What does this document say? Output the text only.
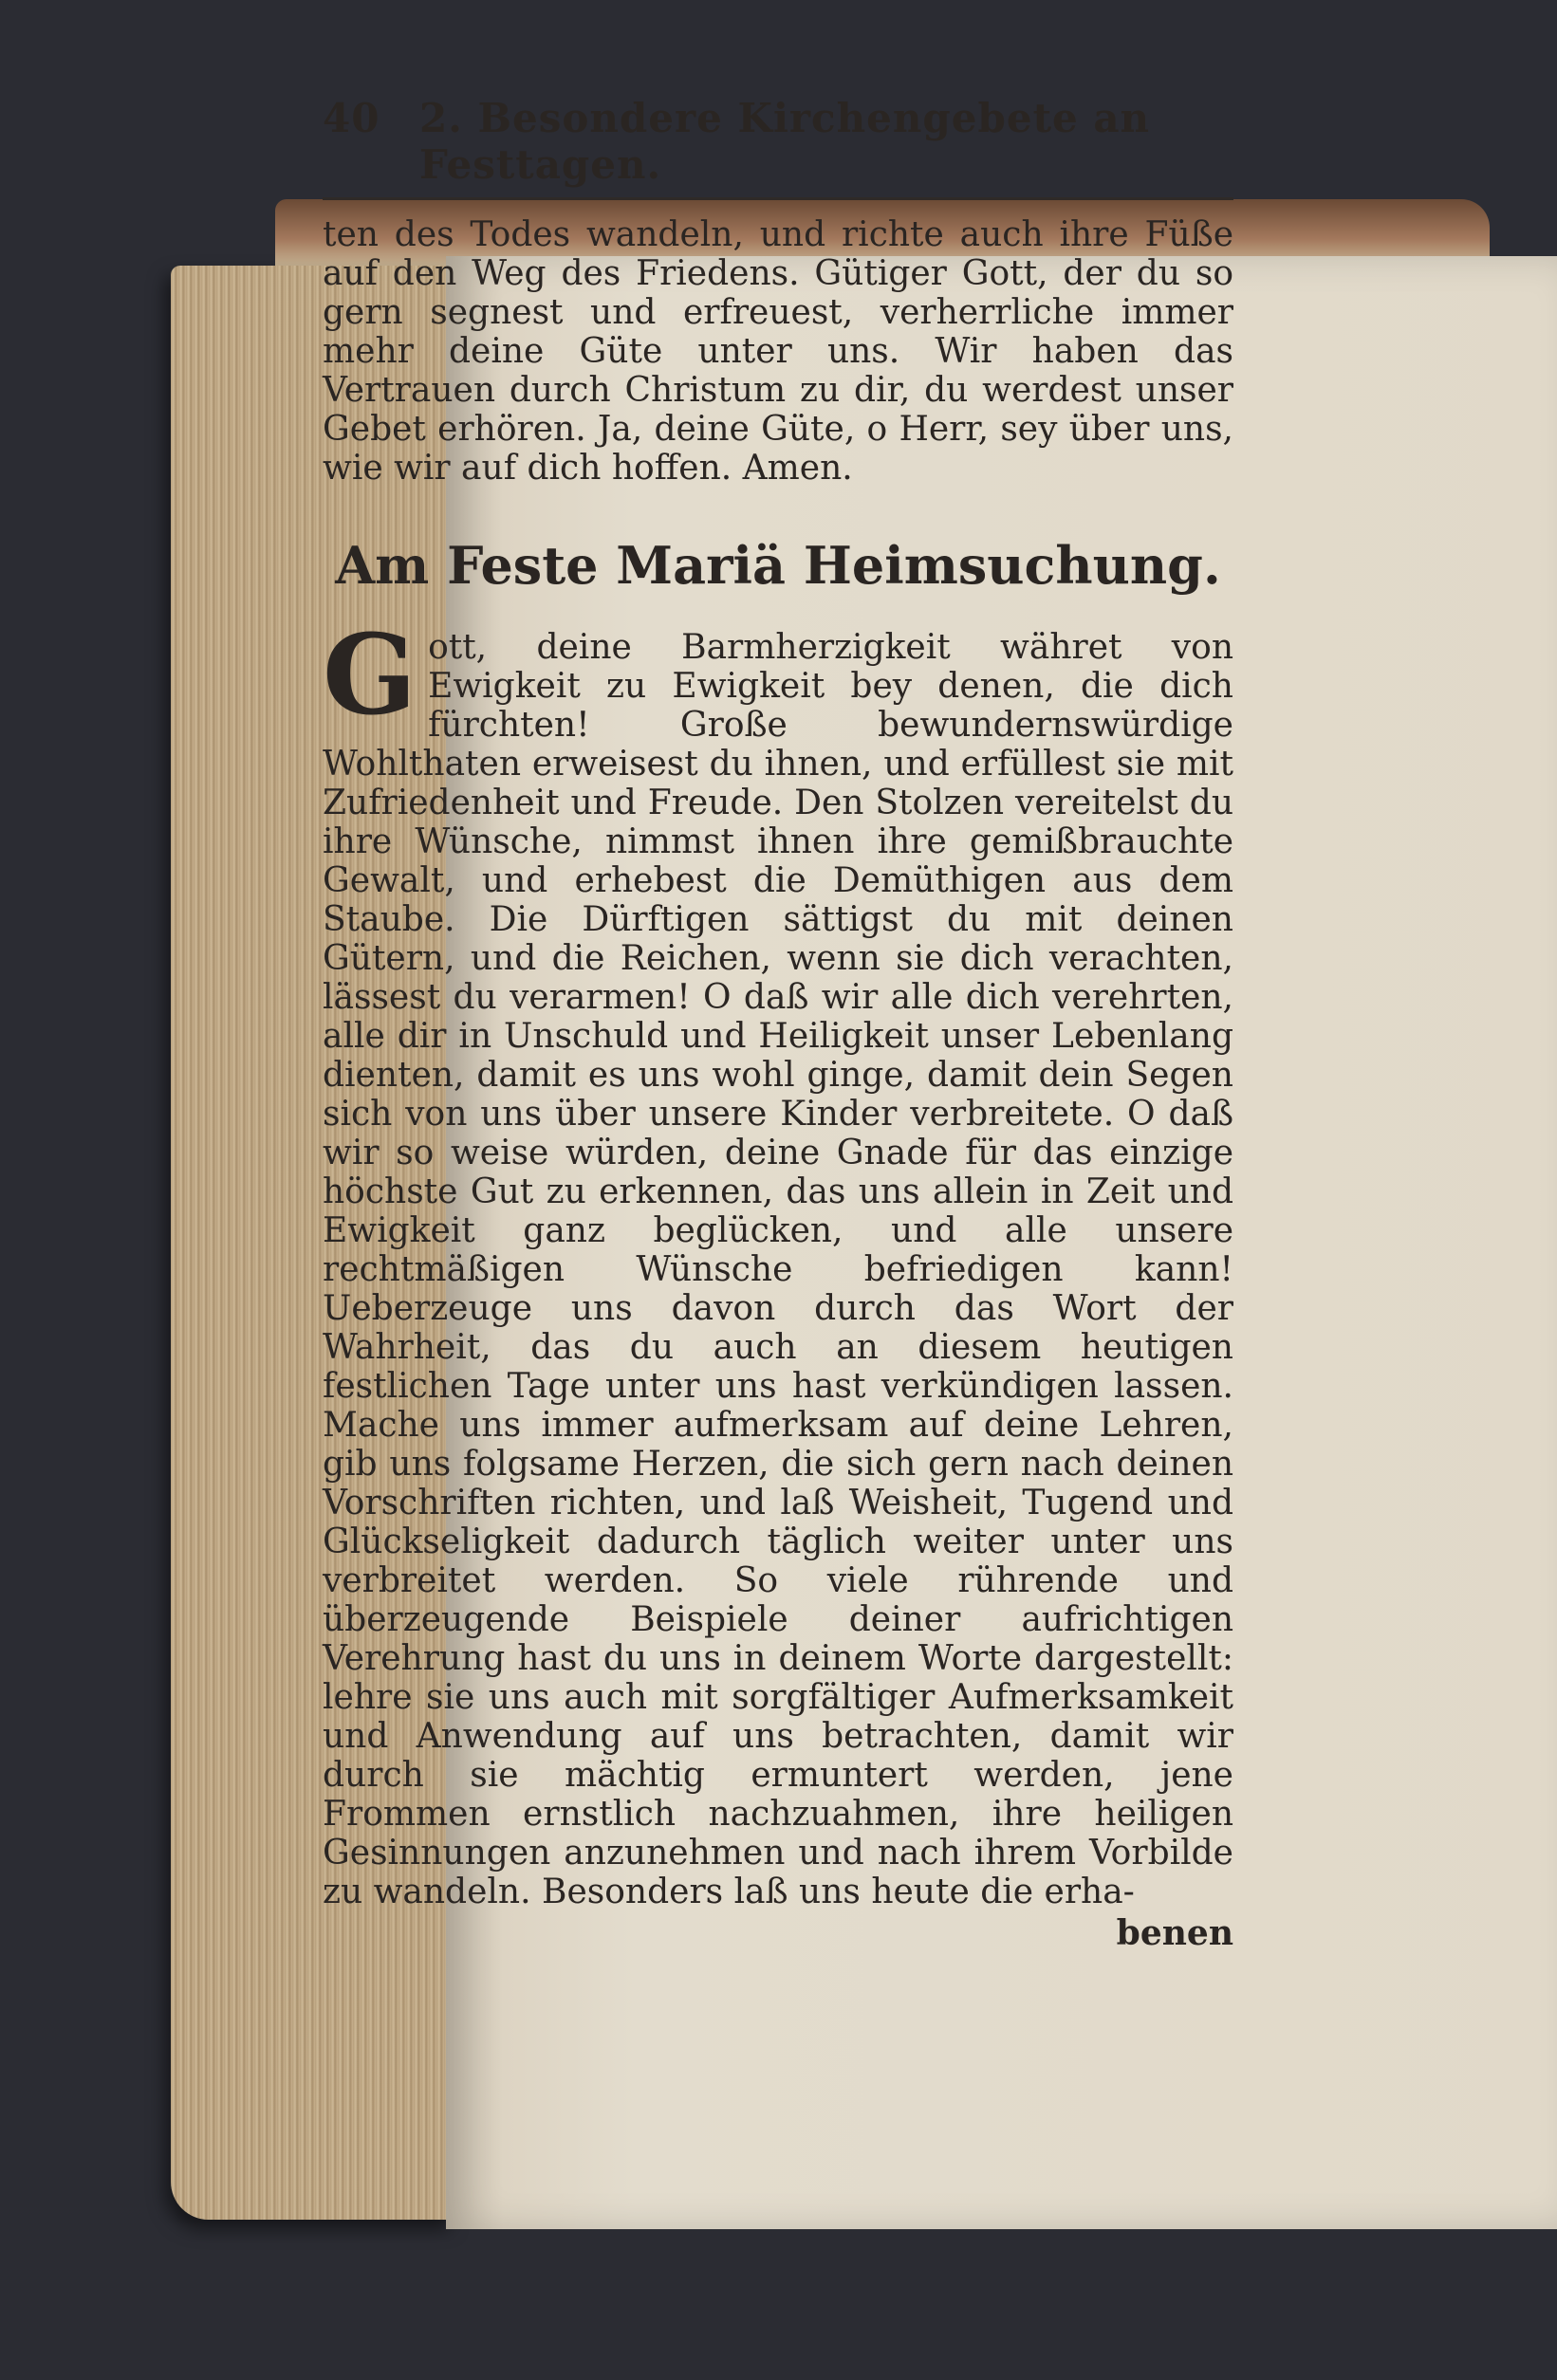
40 2. Besondere Kirchengebete an Festtagen.

ten des Todes wandeln, und richte auch ihre Füße auf den Weg des Friedens. Gütiger Gott, der du so gern segnest und erfreuest, verherrliche immer mehr deine Güte unter uns. Wir haben das Vertrauen durch Christum zu dir, du werdest unser Gebet erhören. Ja, deine Güte, o Herr, sey über uns, wie wir auf dich hoffen. Amen.

Am Feste Mariä Heimsuchung.

Gott, deine Barmherzigkeit währet von Ewigkeit zu Ewigkeit bey denen, die dich fürchten! Große bewundernswürdige Wohlthaten erweisest du ihnen, und erfüllest sie mit Zufriedenheit und Freude. Den Stolzen vereitelst du ihre Wünsche, nimmst ihnen ihre gemißbrauchte Gewalt, und erhebest die Demüthigen aus dem Staube. Die Dürftigen sättigst du mit deinen Gütern, und die Reichen, wenn sie dich verachten, lässest du verarmen! O daß wir alle dich verehrten, alle dir in Unschuld und Heiligkeit unser Lebenlang dienten, damit es uns wohl ginge, damit dein Segen sich von uns über unsere Kinder verbreitete. O daß wir so weise würden, deine Gnade für das einzige höchste Gut zu erkennen, das uns allein in Zeit und Ewigkeit ganz beglücken, und alle unsere rechtmäßigen Wünsche befriedigen kann! Ueberzeuge uns davon durch das Wort der Wahrheit, das du auch an diesem heutigen festlichen Tage unter uns hast verkündigen lassen. Mache uns immer aufmerksam auf deine Lehren, gib uns folgsame Herzen, die sich gern nach deinen Vorschriften richten, und laß Weisheit, Tugend und Glückseligkeit dadurch täglich weiter unter uns verbreitet werden. So viele rührende und überzeugende Beispiele deiner aufrichtigen Verehrung hast du uns in deinem Worte dargestellt: lehre sie uns auch mit sorgfältiger Aufmerksamkeit und Anwendung auf uns betrachten, damit wir durch sie mächtig ermuntert werden, jene Frommen ernstlich nachzuahmen, ihre heiligen Gesinnungen anzunehmen und nach ihrem Vorbilde zu wandeln. Besonders laß uns heute die erha-

benen
